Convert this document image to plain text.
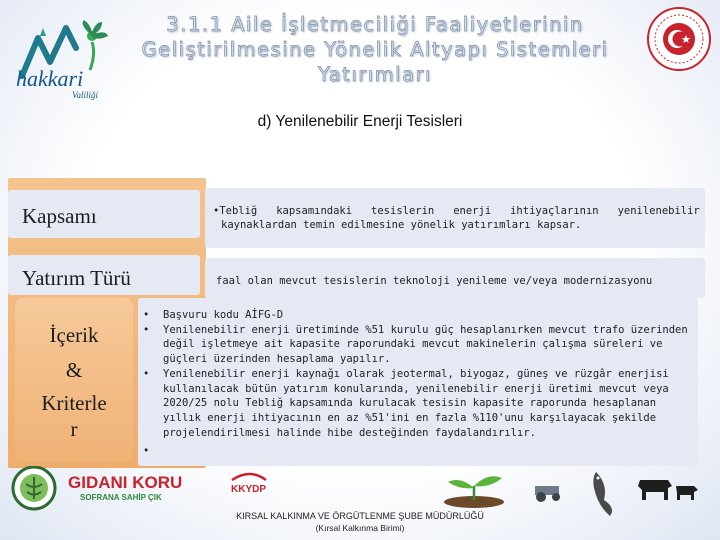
hakkari
Valiliği
3.1.1 Aile İşletmeciliği Faaliyetlerinin
Geliştirilmesine Yönelik Altyapı Sistemleri
Yatırımları
d) Yenilenebilir Enerji Tesisleri
Kapsamı	•Tebliğ   kapsamındaki   tesislerin   enerji   ihtiyaçlarının   yenilenebilir
kaynaklardan temin edilmesine yönelik yatırımları kapsar.
Yatırım Türü	faal olan mevcut tesislerin teknoloji yenileme ve/veya modernizasyonu
İçerik
&
Kriterle
r
• Başvuru kodu AİFG-D
• Yenilenebilir enerji üretiminde %51 kurulu güç hesaplanırken mevcut trafo üzerinden değil işletmeye ait kapasite raporundaki mevcut makinelerin çalışma süreleri ve güçleri üzerinden hesaplama yapılır.
• Yenilenebilir enerji kaynağı olarak jeotermal, biyogaz, güneş ve rüzgâr enerjisi kullanılacak bütün yatırım konularında, yenilenebilir enerji üretimi mevcut veya 2020/25 nolu Tebliğ kapsamında kurulacak tesisin kapasite raporunda hesaplanan yıllık enerji ihtiyacının en az %51'ini en fazla %110'unu karşılayacak şekilde projelendirilmesi halinde hibe desteğinden faydalandırılır.
•
GIDANI KORU
SOFRANA SAHİP ÇIK
KKYDP
KIRSAL KALKINMA VE ÖRGÜTLENME ŞUBE MÜDÜRLÜĞÜ
(Kırsal Kalkınma Birimi)
